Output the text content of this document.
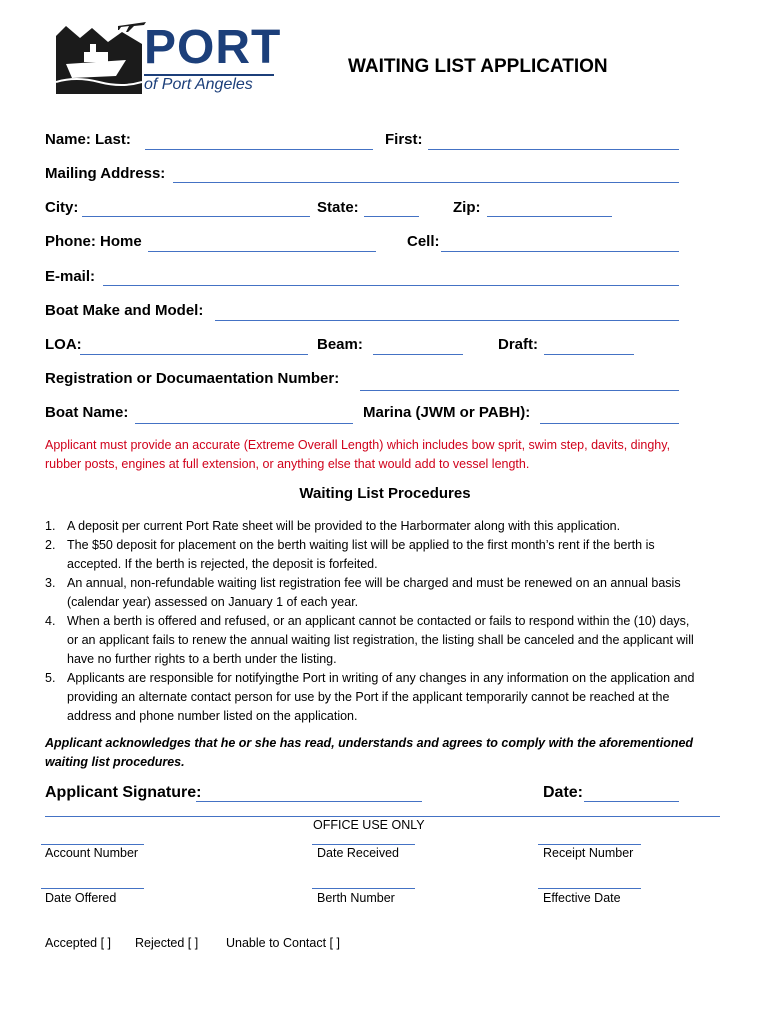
PORT
of Port Angeles
WAITING LIST APPLICATION
Name: Last:	First:
Mailing Address:
City:	State:	Zip:
Phone: Home	Cell:
E-mail:
Boat Make and Model:
LOA:	Beam:	Draft:
Registration or Documaentation Number:
Boat Name:	Marina (JWM or PABH):
Applicant must provide an accurate (Extreme Overall Length) which includes bow sprit, swim step, davits, dinghy, rubber posts, engines at full extension, or anything else that would add to vessel length.
Waiting List Procedures
1. A deposit per current Port Rate sheet will be provided to the Harbormater along with this application.
2. The $50 deposit for placement on the berth waiting list will be applied to the first month’s rent if the berth is accepted. If the berth is rejected, the deposit is forfeited.
3. An annual, non-refundable waiting list registration fee will be charged and must be renewed on an annual basis (calendar year) assessed on January 1 of each year.
4. When a berth is offered and refused, or an applicant cannot be contacted or fails to respond within the (10) days, or an applicant fails to renew the annual waiting list registration, the listing shall be canceled and the applicant will have no further rights to a berth under the listing.
5. Applicants are responsible for notifyingthe Port in writing of any changes in any information on the application and providing an alternate contact person for use by the Port if the applicant temporarily cannot be reached at the address and phone number listed on the application.
Applicant acknowledges that he or she has read, understands and agrees to comply with the aforementioned waiting list procedures.
Applicant Signature:	Date:
OFFICE USE ONLY
Account Number	Date Received	Receipt Number
Date Offered	Berth Number	Effective Date
Accepted [ ] Rejected [ ] Unable to Contact [ ]
